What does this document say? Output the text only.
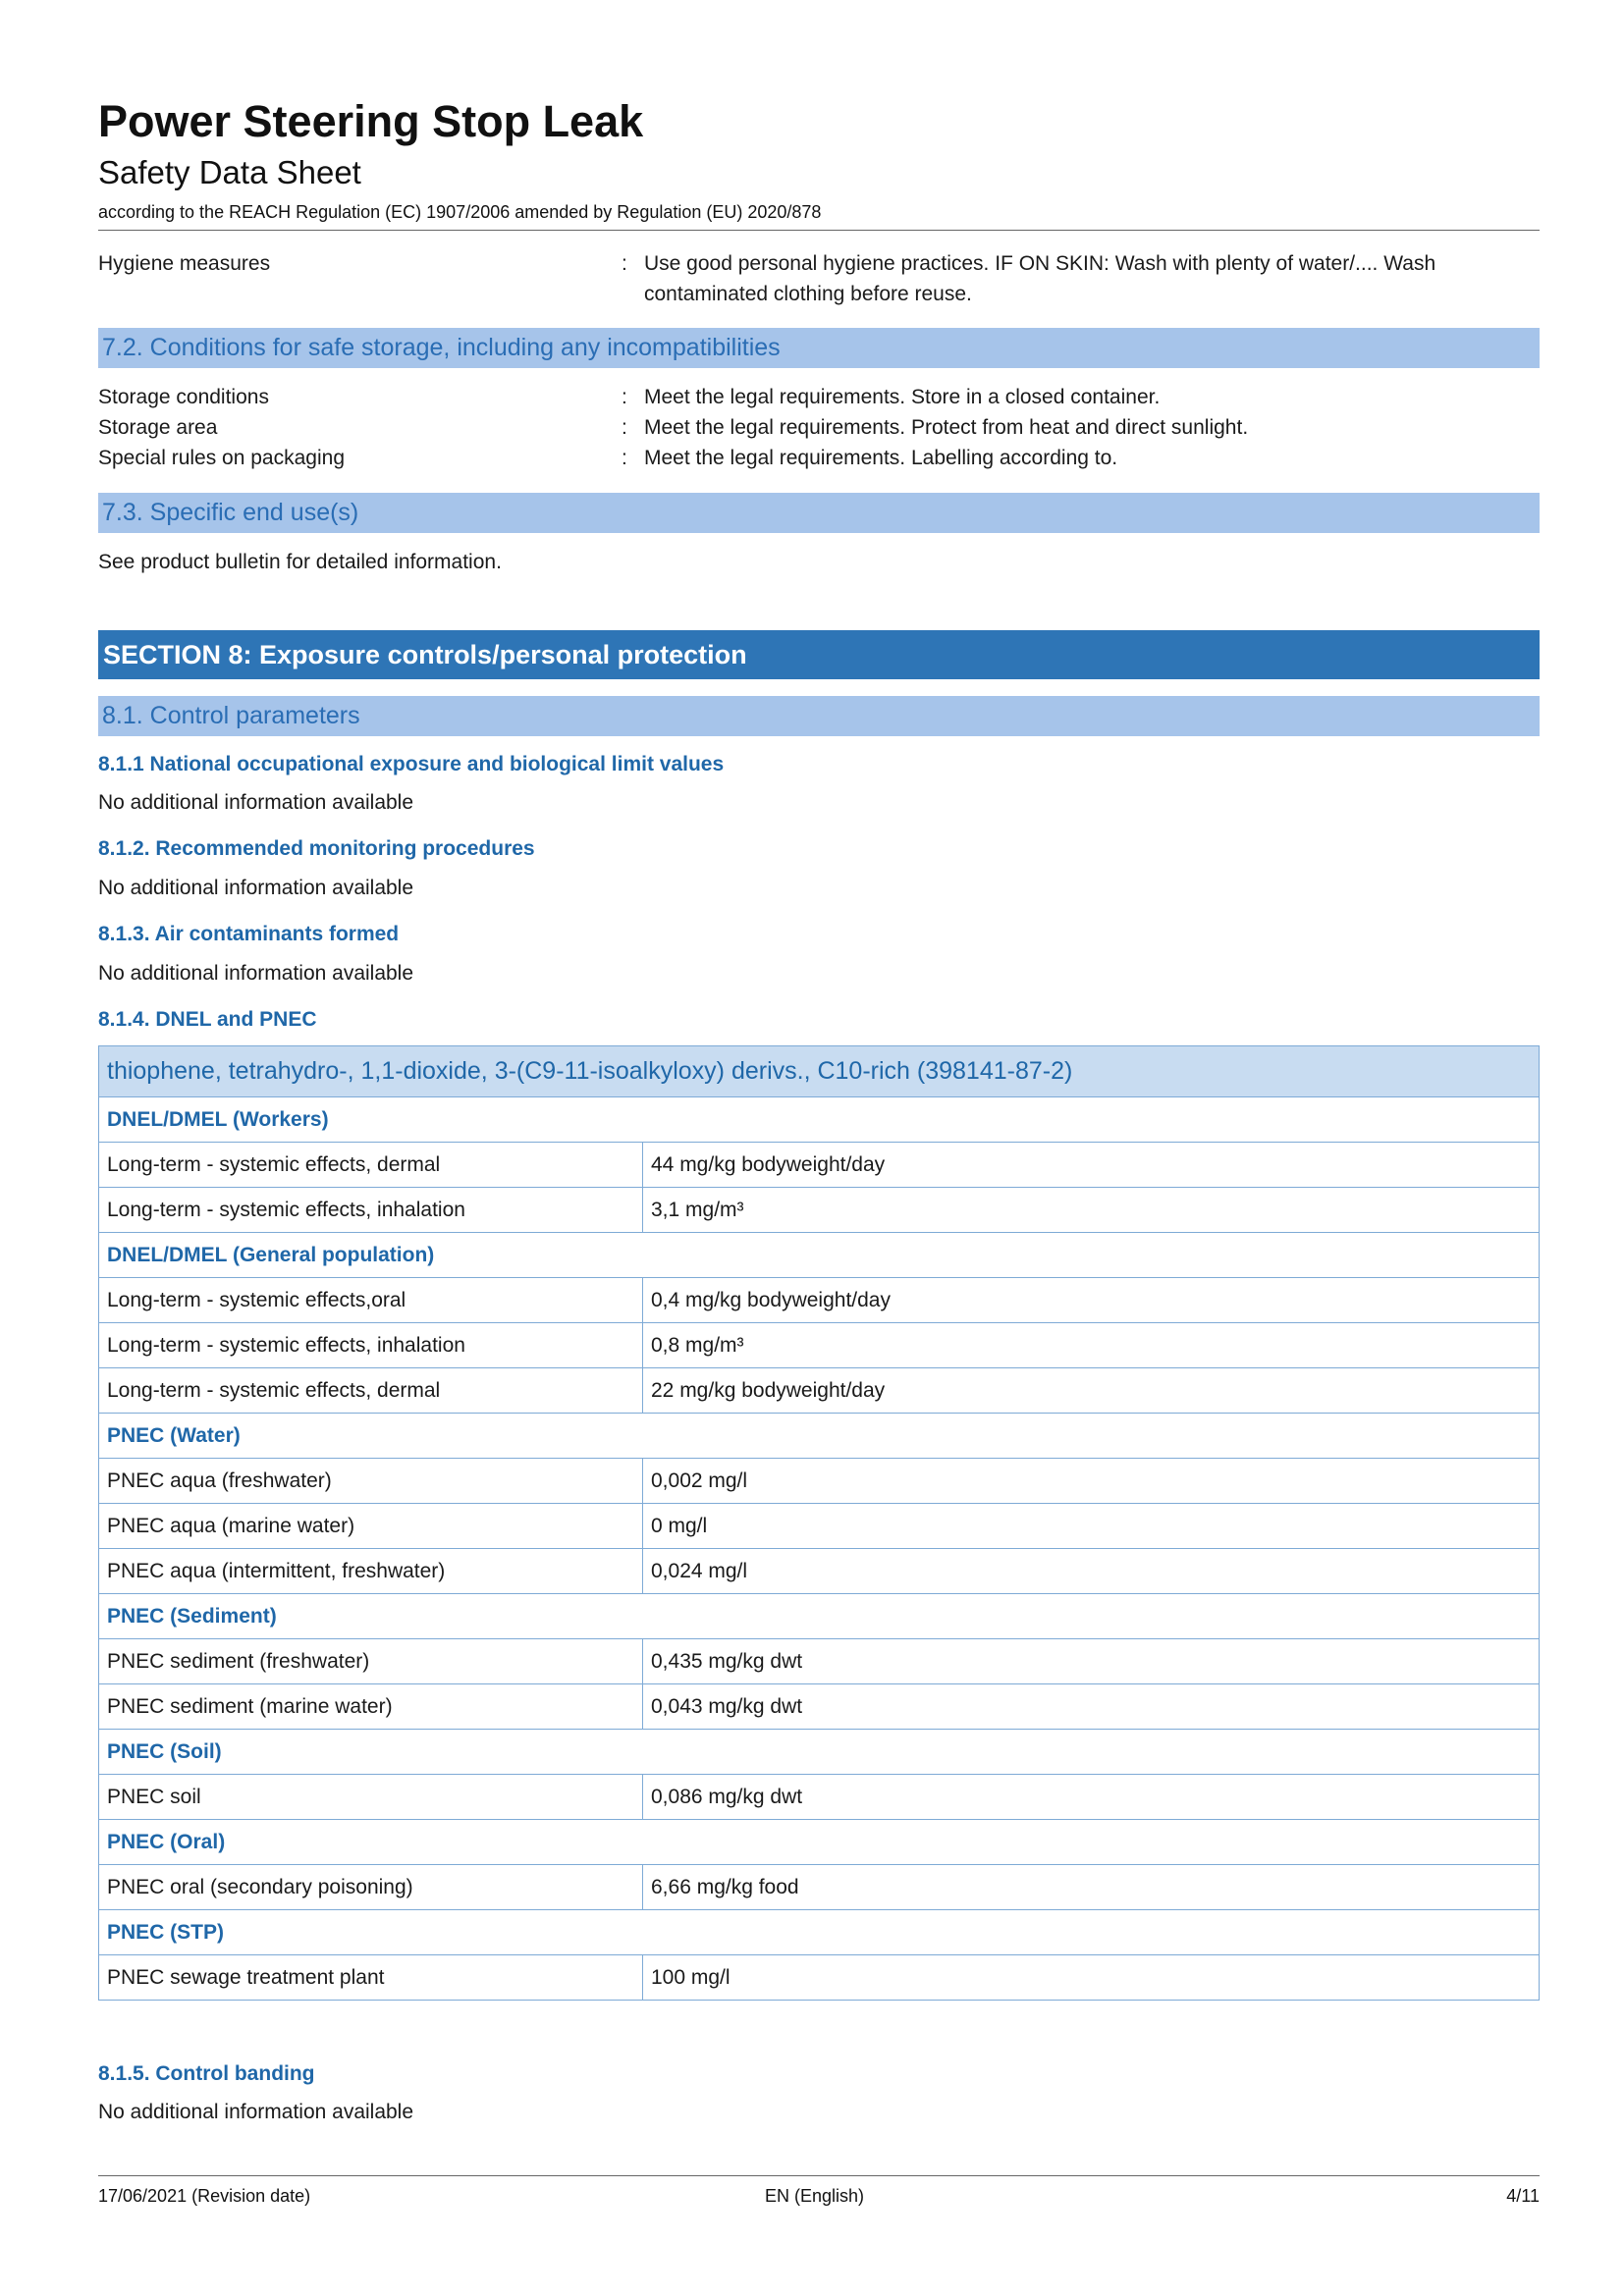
Power Steering Stop Leak
Safety Data Sheet
according to the REACH Regulation (EC) 1907/2006 amended by Regulation (EU) 2020/878
Hygiene measures	: Use good personal hygiene practices. IF ON SKIN: Wash with plenty of water/.... Wash contaminated clothing before reuse.
7.2. Conditions for safe storage, including any incompatibilities
Storage conditions	: Meet the legal requirements. Store in a closed container.
Storage area	: Meet the legal requirements. Protect from heat and direct sunlight.
Special rules on packaging	: Meet the legal requirements. Labelling according to.
7.3. Specific end use(s)
See product bulletin for detailed information.
SECTION 8: Exposure controls/personal protection
8.1. Control parameters
8.1.1 National occupational exposure and biological limit values
No additional information available
8.1.2. Recommended monitoring procedures
No additional information available
8.1.3. Air contaminants formed
No additional information available
8.1.4. DNEL and PNEC
thiophene, tetrahydro-, 1,1-dioxide, 3-(C9-11-isoalkyloxy) derivs., C10-rich (398141-87-2)	
DNEL/DMEL (Workers)	
Long-term - systemic effects, dermal	44 mg/kg bodyweight/day
Long-term - systemic effects, inhalation	3,1 mg/m³
DNEL/DMEL (General population)	
Long-term - systemic effects,oral	0,4 mg/kg bodyweight/day
Long-term - systemic effects, inhalation	0,8 mg/m³
Long-term - systemic effects, dermal	22 mg/kg bodyweight/day
PNEC (Water)	
PNEC aqua (freshwater)	0,002 mg/l
PNEC aqua (marine water)	0 mg/l
PNEC aqua (intermittent, freshwater)	0,024 mg/l
PNEC (Sediment)	
PNEC sediment (freshwater)	0,435 mg/kg dwt
PNEC sediment (marine water)	0,043 mg/kg dwt
PNEC (Soil)	
PNEC soil	0,086 mg/kg dwt
PNEC (Oral)	
PNEC oral (secondary poisoning)	6,66 mg/kg food
PNEC (STP)	
PNEC sewage treatment plant	100 mg/l
8.1.5. Control banding
No additional information available
17/06/2021 (Revision date)	EN (English)	4/11
